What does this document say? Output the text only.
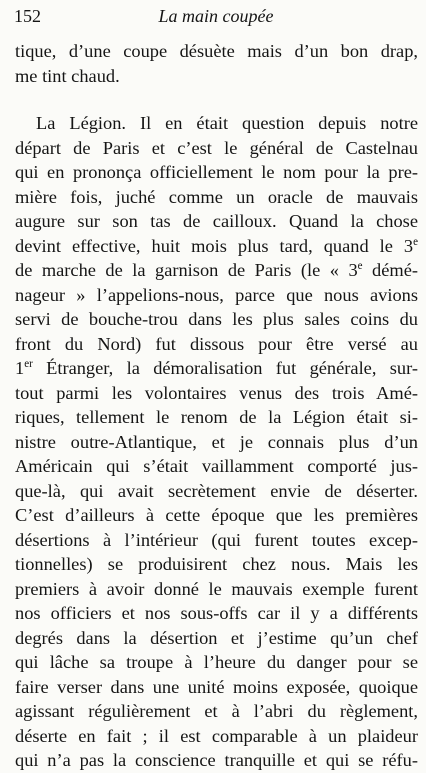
152	La main coupée
tique, d’une coupe désuète mais d’un bon drap,
me tint chaud.
La Légion. Il en était question depuis notre
départ de Paris et c’est le général de Castelnau
qui en prononça officiellement le nom pour la pre-
mière fois, juché comme un oracle de mauvais
augure sur son tas de cailloux. Quand la chose
devint effective, huit mois plus tard, quand le 3e
de marche de la garnison de Paris (le « 3e démé-
nageur » l’appelions-nous, parce que nous avions
servi de bouche-trou dans les plus sales coins du
front du Nord) fut dissous pour être versé au
1er Étranger, la démoralisation fut générale, sur-
tout parmi les volontaires venus des trois Amé-
riques, tellement le renom de la Légion était si-
nistre outre-Atlantique, et je connais plus d’un
Américain qui s’était vaillamment comporté jus-
que-là, qui avait secrètement envie de déserter.
C’est d’ailleurs à cette époque que les premières
désertions à l’intérieur (qui furent toutes excep-
tionnelles) se produisirent chez nous. Mais les
premiers à avoir donné le mauvais exemple furent
nos officiers et nos sous-offs car il y a différents
degrés dans la désertion et j’estime qu’un chef
qui lâche sa troupe à l’heure du danger pour se
faire verser dans une unité moins exposée, quoique
agissant régulièrement et à l’abri du règlement,
déserte en fait ; il est comparable à un plaideur
qui n’a pas la conscience tranquille et qui se réfu-
